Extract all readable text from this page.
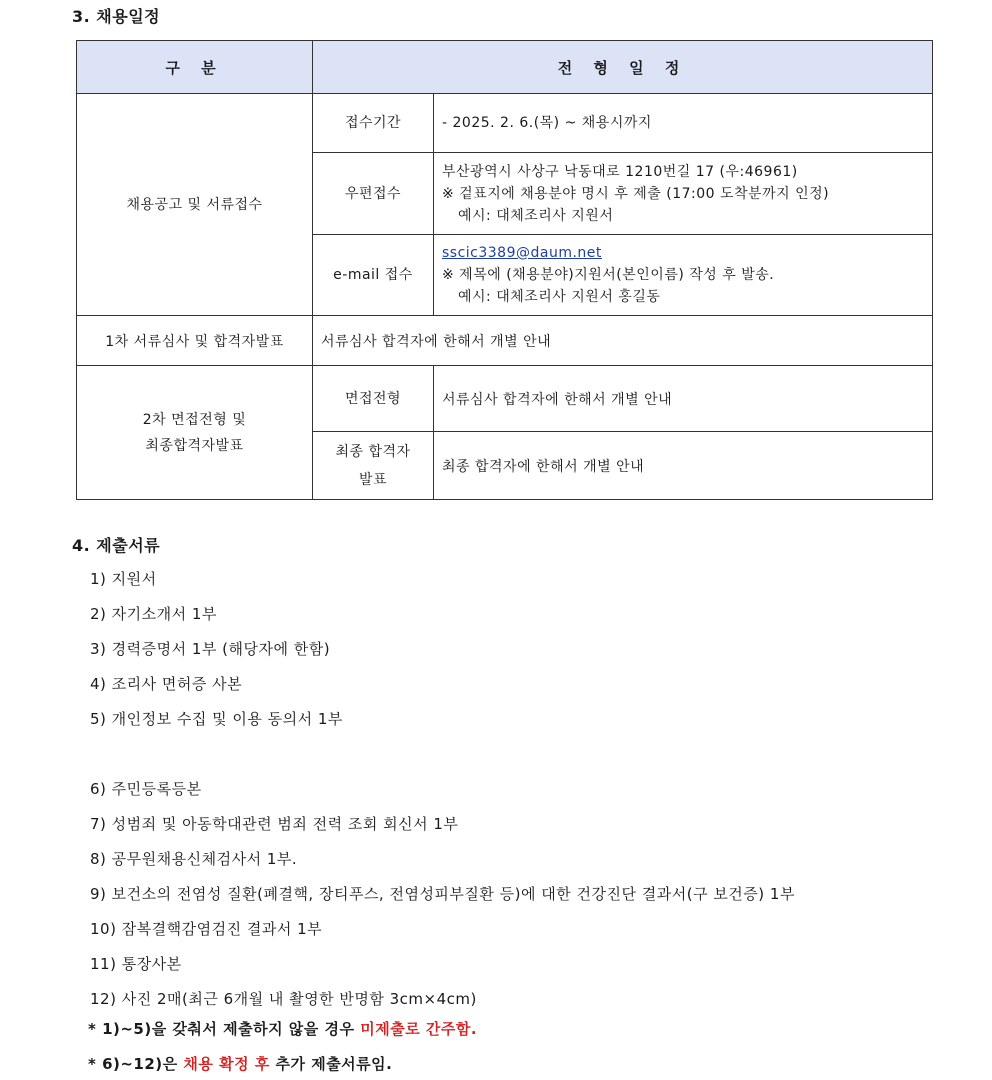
3. 채용일정
구 분	전 형 일 정	
채용공고 및 서류접수	접수기간	- 2025. 2. 6.(목) ~ 채용시까지

	우편접수	부산광역시 사상구 낙동대로 1210번길 17 (우:46961)
※ 겉표지에 채용분야 명시 후 제출 (17:00 도착분까지 인정)
예시: 대체조리사 지원서

	e-mail 접수	sscic3389@daum.net
※ 제목에 (채용분야)지원서(본인이름) 작성 후 발송.
예시: 대체조리사 지원서 홍길동

1차 서류심사 및 합격자발표	서류심사 합격자에 한해서 개별 안내	

2차 면접전형 및
최종합격자발표	면접전형	서류심사 합격자에 한해서 개별 안내

	최종 합격자
발표	최종 합격자에 한해서 개별 안내
4. 제출서류
1) 지원서
2) 자기소개서 1부
3) 경력증명서 1부 (해당자에 한함)
4) 조리사 면허증 사본
5) 개인정보 수집 및 이용 동의서 1부
6) 주민등록등본
7) 성범죄 및 아동학대관련 범죄 전력 조회 회신서 1부
8) 공무원채용신체검사서 1부.
9) 보건소의 전염성 질환(폐결핵, 장티푸스, 전염성피부질환 등)에 대한 건강진단 결과서(구 보건증) 1부
10) 잠복결핵감염검진 결과서 1부
11) 통장사본
12) 사진 2매(최근 6개월 내 촬영한 반명함 3cm×4cm)
* 1)~5)을 갖춰서 제출하지 않을 경우 미제출로 간주함.
* 6)~12)은 채용 확정 후 추가 제출서류임.
